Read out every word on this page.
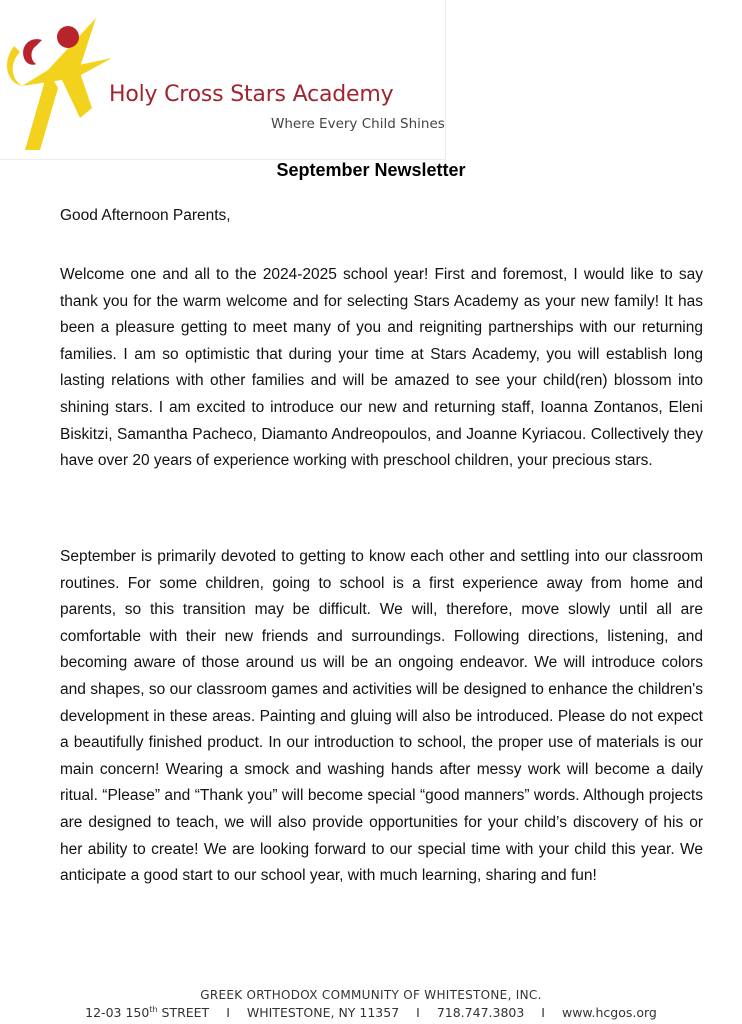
Holy Cross Stars Academy
Where Every Child Shines
September Newsletter

Good Afternoon Parents,

Welcome one and all to the 2024-2025 school year! First and foremost, I would like to say thank you for the warm welcome and for selecting Stars Academy as your new family! It has been a pleasure getting to meet many of you and reigniting partnerships with our returning families. I am so optimistic that during your time at Stars Academy, you will establish long lasting relations with other families and will be amazed to see your child(ren) blossom into shining stars. I am excited to introduce our new and returning staff, Ioanna Zontanos, Eleni Biskitzi, Samantha Pacheco, Diamanto Andreopoulos, and Joanne Kyriacou. Collectively they have over 20 years of experience working with preschool children, your precious stars.

September is primarily devoted to getting to know each other and settling into our classroom routines. For some children, going to school is a first experience away from home and parents, so this transition may be difficult. We will, therefore, move slowly until all are comfortable with their new friends and surroundings. Following directions, listening, and becoming aware of those around us will be an ongoing endeavor. We will introduce colors and shapes, so our classroom games and activities will be designed to enhance the children's development in these areas. Painting and gluing will also be introduced. Please do not expect a beautifully finished product. In our introduction to school, the proper use of materials is our main concern! Wearing a smock and washing hands after messy work will become a daily ritual. “Please” and “Thank you” will become special “good manners” words. Although projects are designed to teach, we will also provide opportunities for your child’s discovery of his or her ability to create! We are looking forward to our special time with your child this year. We anticipate a good start to our school year, with much learning, sharing and fun!

GREEK ORTHODOX COMMUNITY OF WHITESTONE, INC.
12-03 150th STREET I WHITESTONE, NY 11357 I 718.747.3803 I www.hcgos.org
